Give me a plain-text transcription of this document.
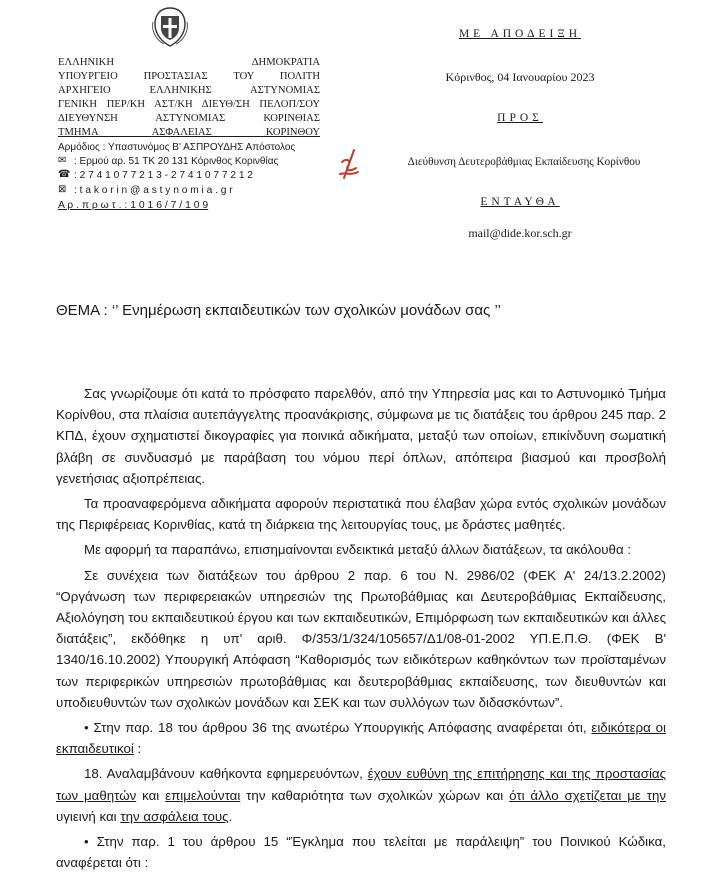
ΕΛΛΗΝΙΚΗ ΔΗΜΟΚΡΑΤΙΑ
ΥΠΟΥΡΓΕΙΟ ΠΡΟΣΤΑΣΙΑΣ ΤΟΥ ΠΟΛΙΤΗ
ΑΡΧΗΓΕΙΟ ΕΛΛΗΝΙΚΗΣ ΑΣΤΥΝΟΜΙΑΣ
ΓΕΝΙΚΗ ΠΕΡ/ΚΗ ΑΣΤ/ΚΗ ΔΙΕΥΘ/ΣΗ ΠΕΛΟΠ/ΣΟΥ
ΔΙΕΥΘΥΝΣΗ ΑΣΤΥΝΟΜΙΑΣ ΚΟΡΙΝΘΙΑΣ
ΤΜΗΜΑ ΑΣΦΑΛΕΙΑΣ ΚΟΡΙΝΘΟΥ
Αρμόδιος : Υπαστυνόμος Β' ΑΣΠΡΟΥΔΗΣ Απόστολος
✉ : Ερμού αρ. 51 ΤΚ 20 131 Κόρινθος Κορινθίας
☎ : 2 7 4 1 0 7 7 2 1 3 - 2 7 4 1 0 7 7 2 1 2
⊠ : t a k o r i n @ a s t y n o m i a . g r
Α ρ . π ρ ω τ . : 1 0 1 6 / 7 / 1 0 9
ΜΕ ΑΠΟΔΕΙΞΗ
Κόρινθος, 04 Ιανουαρίου 2023
ΠΡΟΣ
Διεύθυνση Δευτεροβάθμιας Εκπαίδευσης Κορίνθου
ΕΝΤΑΥΘΑ
mail@dide.kor.sch.gr
ΘΕΜΑ : ‘’ Ενημέρωση εκπαιδευτικών των σχολικών μονάδων σας ’’

Σας γνωρίζουμε ότι κατά το πρόσφατο παρελθόν, από την Υπηρεσία μας και το Αστυνομικό Τμήμα Κορίνθου, στα πλαίσια αυτεπάγγελτης προανάκρισης, σύμφωνα με τις διατάξεις του άρθρου 245 παρ. 2 ΚΠΔ, έχουν σχηματιστεί δικογραφίες για ποινικά αδικήματα, μεταξύ των οποίων, επικίνδυνη σωματική βλάβη σε συνδυασμό με παράβαση του νόμου περί όπλων, απόπειρα βιασμού και προσβολή γενετήσιας αξιοπρέπειας.

Τα προαναφερόμενα αδικήματα αφορούν περιστατικά που έλαβαν χώρα εντός σχολικών μονάδων της Περιφέρειας Κορινθίας, κατά τη διάρκεια της λειτουργίας τους, με δράστες μαθητές.

Με αφορμή τα παραπάνω, επισημαίνονται ενδεικτικά μεταξύ άλλων διατάξεων, τα ακόλουθα :

Σε συνέχεια των διατάξεων του άρθρου 2 παρ. 6 του Ν. 2986/02 (ΦΕΚ Α' 24/13.2.2002) “Οργάνωση των περιφερειακών υπηρεσιών της Πρωτοβάθμιας και Δευτεροβάθμιας Εκπαίδευσης, Αξιολόγηση του εκπαιδευτικού έργου και των εκπαιδευτικών, Επιμόρφωση των εκπαιδευτικών και άλλες διατάξεις”, εκδόθηκε η υπ' αριθ. Φ/353/1/324/105657/Δ1/08-01-2002 ΥΠ.Ε.Π.Θ. (ΦΕΚ Β' 1340/16.10.2002) Υπουργική Απόφαση “Καθορισμός των ειδικότερων καθηκόντων των προϊσταμένων των περιφερικών υπηρεσιών πρωτοβάθμιας και δευτεροβάθμιας εκπαίδευσης, των διευθυντών και υποδιευθυντών των σχολικών μονάδων και ΣΕΚ και των συλλόγων των διδασκόντων”.

• Στην παρ. 18 του άρθρου 36 της ανωτέρω Υπουργικής Απόφασης αναφέρεται ότι, ειδικότερα οι εκπαιδευτικοί :

18. Αναλαμβάνουν καθήκοντα εφημερευόντων, έχουν ευθύνη της επιτήρησης και της προστασίας των μαθητών και επιμελούνται την καθαριότητα των σχολικών χώρων και ότι άλλο σχετίζεται με την υγιεινή και την ασφάλεια τους.

• Στην παρ. 1 του άρθρου 15 “Έγκλημα που τελείται με παράλειψη” του Ποινικού Κώδικα, αναφέρεται ότι :
